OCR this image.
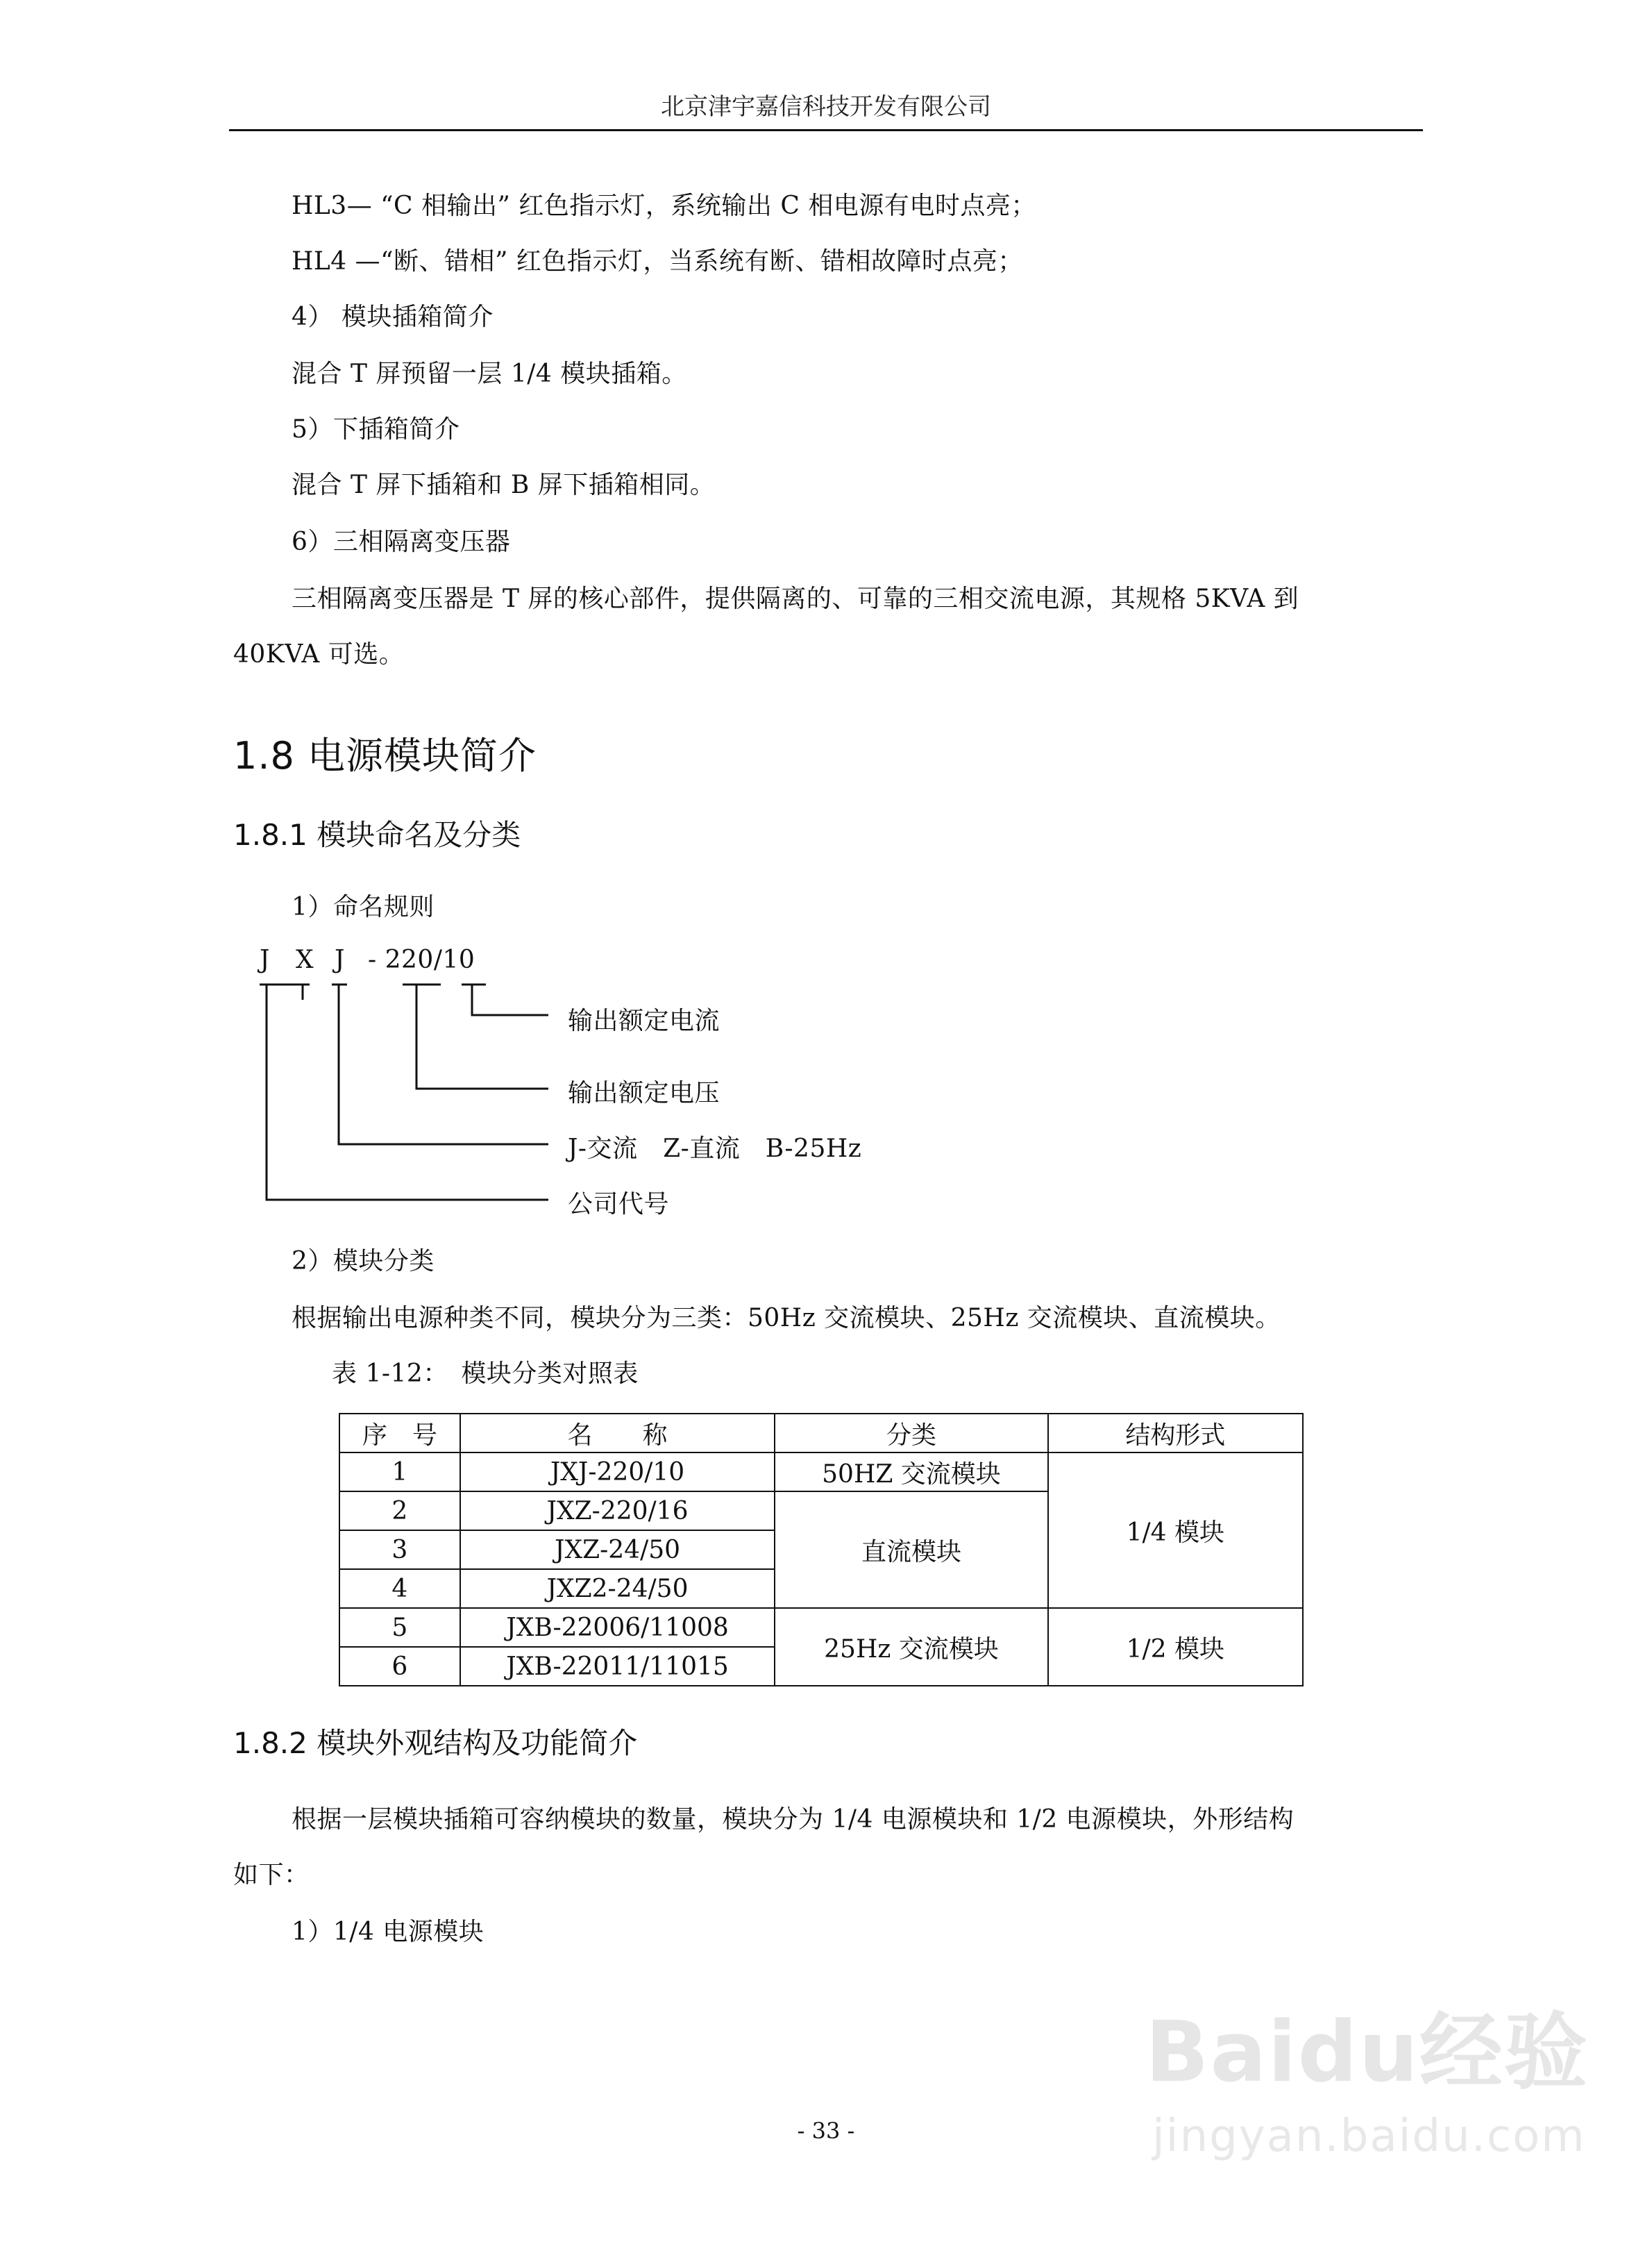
北京津宇嘉信科技开发有限公司
HL3— “C 相输出” 红色指示灯，系统输出 C 相电源有电时点亮；
HL4 —“断、错相” 红色指示灯，当系统有断、错相故障时点亮；
4） 模块插箱简介
混合 T 屏预留一层 1/4 模块插箱。
5）下插箱简介
混合 T 屏下插箱和 B 屏下插箱相同。
6）三相隔离变压器
三相隔离变压器是 T 屏的核心部件，提供隔离的、可靠的三相交流电源，其规格 5KVA 到
40KVA 可选。
1.8 电源模块简介
1.8.1 模块命名及分类
1）命名规则
J X J - 220/10
输出额定电流
输出额定电压
J-交流　Z-直流　B-25Hz
公司代号
2）模块分类
根据输出电源种类不同，模块分为三类：50Hz 交流模块、25Hz 交流模块、直流模块。
表 1-12：　模块分类对照表
序　号	名　　称	分类	结构形式
1	JXJ-220/10	50HZ 交流模块	1/4 模块
2	JXZ-220/16	直流模块	
3	JXZ-24/50		
4	JXZ2-24/50		
5	JXB-22006/11008	25Hz 交流模块	1/2 模块
6	JXB-22011/11015		
1.8.2 模块外观结构及功能简介
根据一层模块插箱可容纳模块的数量，模块分为 1/4 电源模块和 1/2 电源模块，外形结构
如下：
1）1/4 电源模块
- 33 -
Baidu经验
jingyan.baidu.com
